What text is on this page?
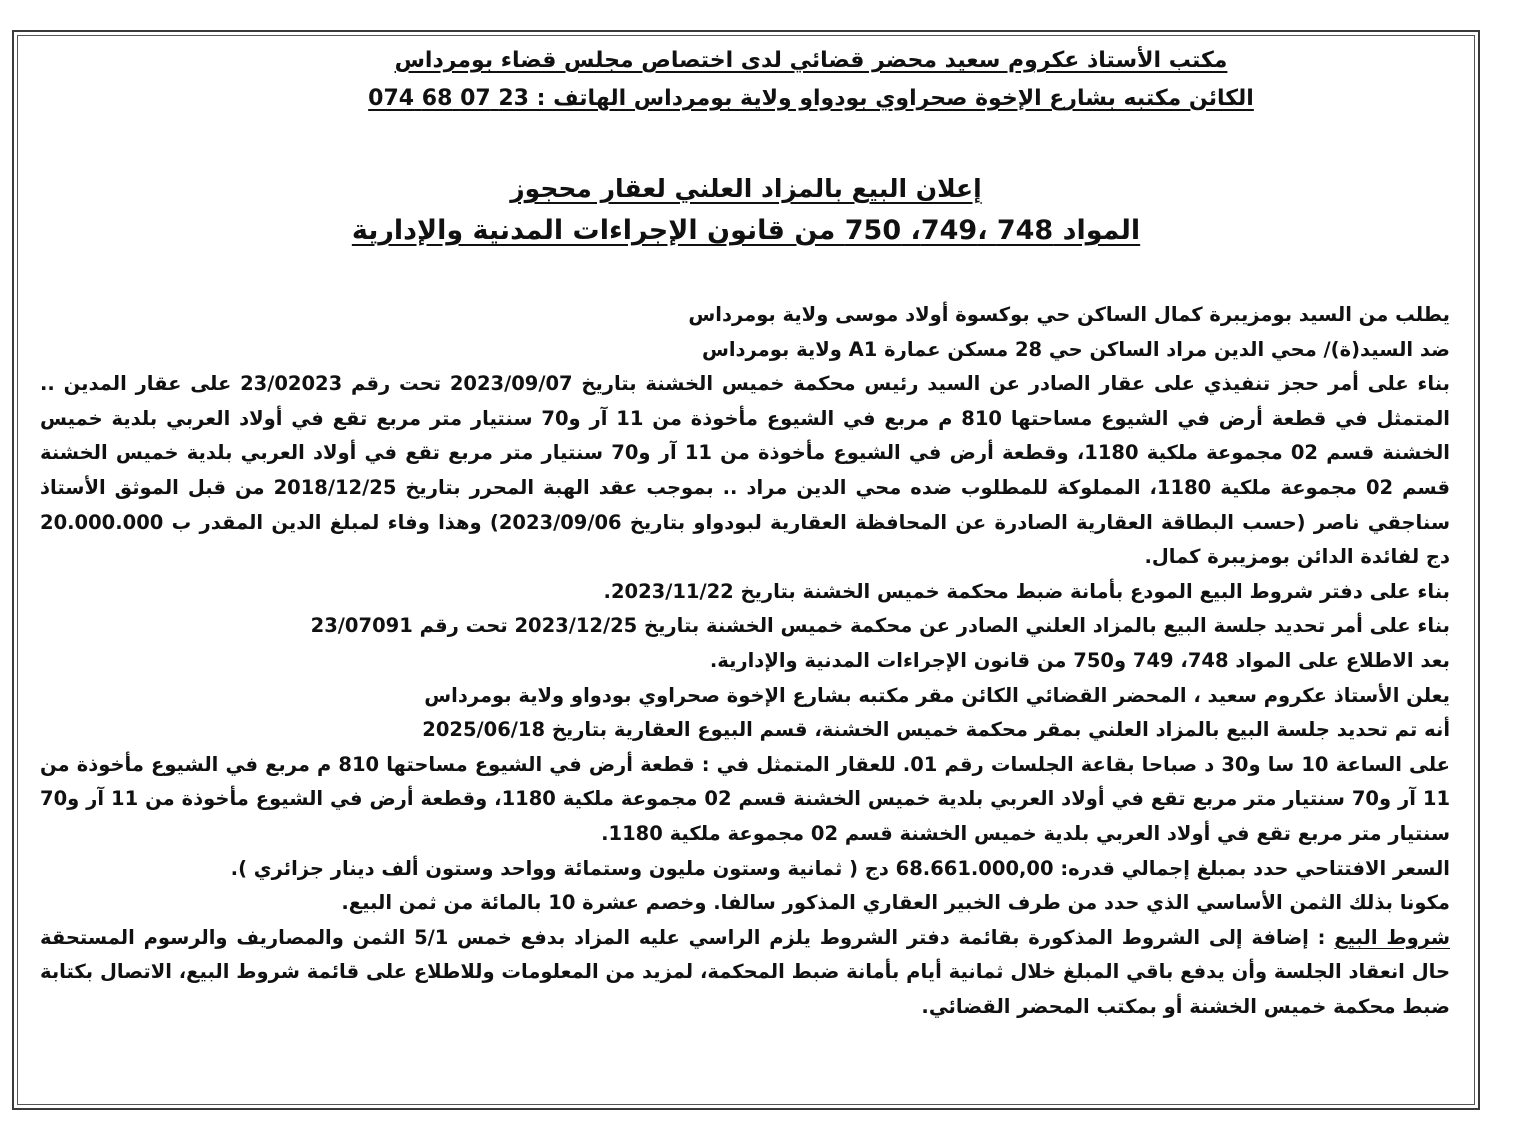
مكتب الأستاذ عكروم سعيد محضر قضائي لدى اختصاص مجلس قضاء بومرداس
الكائن مكتبه بشارع الإخوة صحراوي بودواو ولاية بومرداس الهاتف : 23 07 68 074
إعلان البيع بالمزاد العلني لعقار محجوز
المواد 748 ،749، 750 من قانون الإجراءات المدنية والإدارية

يطلب من السيد بومزيبرة كمال الساكن حي بوكسوة أولاد موسى ولاية بومرداس

ضد السيد(ة)/ محي الدين مراد الساكن حي 28 مسكن عمارة A1 ولاية بومرداس

بناء على أمر حجز تنفيذي على عقار الصادر عن السيد رئيس محكمة خميس الخشنة بتاريخ 2023/09/07 تحت رقم 23/02023 على عقار المدين .. المتمثل في قطعة أرض في الشيوع مساحتها 810 م مربع في الشيوع مأخوذة من 11 آر و70 سنتيار متر مربع تقع في أولاد العربي بلدية خميس الخشنة قسم 02 مجموعة ملكية 1180، وقطعة أرض في الشيوع مأخوذة من 11 آر و70 سنتيار متر مربع تقع في أولاد العربي بلدية خميس الخشنة قسم 02 مجموعة ملكية 1180، المملوكة للمطلوب ضده محي الدين مراد .. بموجب عقد الهبة المحرر بتاريخ 2018/12/25 من قبل الموثق الأستاذ سناجقي ناصر (حسب البطاقة العقارية الصادرة عن المحافظة العقارية لبودواو بتاريخ 2023/09/06) وهذا وفاء لمبلغ الدين المقدر ب 20.000.000 دج لفائدة الدائن بومزيبرة كمال.

بناء على دفتر شروط البيع المودع بأمانة ضبط محكمة خميس الخشنة بتاريخ 2023/11/22.

بناء على أمر تحديد جلسة البيع بالمزاد العلني الصادر عن محكمة خميس الخشنة بتاريخ 2023/12/25 تحت رقم 23/07091

بعد الاطلاع على المواد 748، 749 و750 من قانون الإجراءات المدنية والإدارية.

يعلن الأستاذ عكروم سعيد ، المحضر القضائي الكائن مقر مكتبه بشارع الإخوة صحراوي بودواو ولاية بومرداس

أنه تم تحديد جلسة البيع بالمزاد العلني بمقر محكمة خميس الخشنة، قسم البيوع العقارية بتاريخ 2025/06/18

على الساعة 10 سا و30 د صباحا بقاعة الجلسات رقم 01. للعقار المتمثل في : قطعة أرض في الشيوع مساحتها 810 م مربع في الشيوع مأخوذة من 11 آر و70 سنتيار متر مربع تقع في أولاد العربي بلدية خميس الخشنة قسم 02 مجموعة ملكية 1180، وقطعة أرض في الشيوع مأخوذة من 11 آر و70 سنتيار متر مربع تقع في أولاد العربي بلدية خميس الخشنة قسم 02 مجموعة ملكية 1180.

السعر الافتتاحي حدد بمبلغ إجمالي قدره: 68.661.000,00 دج ( ثمانية وستون مليون وستمائة وواحد وستون ألف دينار جزائري ).

مكونا بذلك الثمن الأساسي الذي حدد من طرف الخبير العقاري المذكور سالفا. وخصم عشرة 10 بالمائة من ثمن البيع.

شروط البيع : إضافة إلى الشروط المذكورة بقائمة دفتر الشروط يلزم الراسي عليه المزاد بدفع خمس 5/1 الثمن والمصاريف والرسوم المستحقة حال انعقاد الجلسة وأن يدفع باقي المبلغ خلال ثمانية أيام بأمانة ضبط المحكمة، لمزيد من المعلومات وللاطلاع على قائمة شروط البيع، الاتصال بكتابة ضبط محكمة خميس الخشنة أو بمكتب المحضر القضائي.
